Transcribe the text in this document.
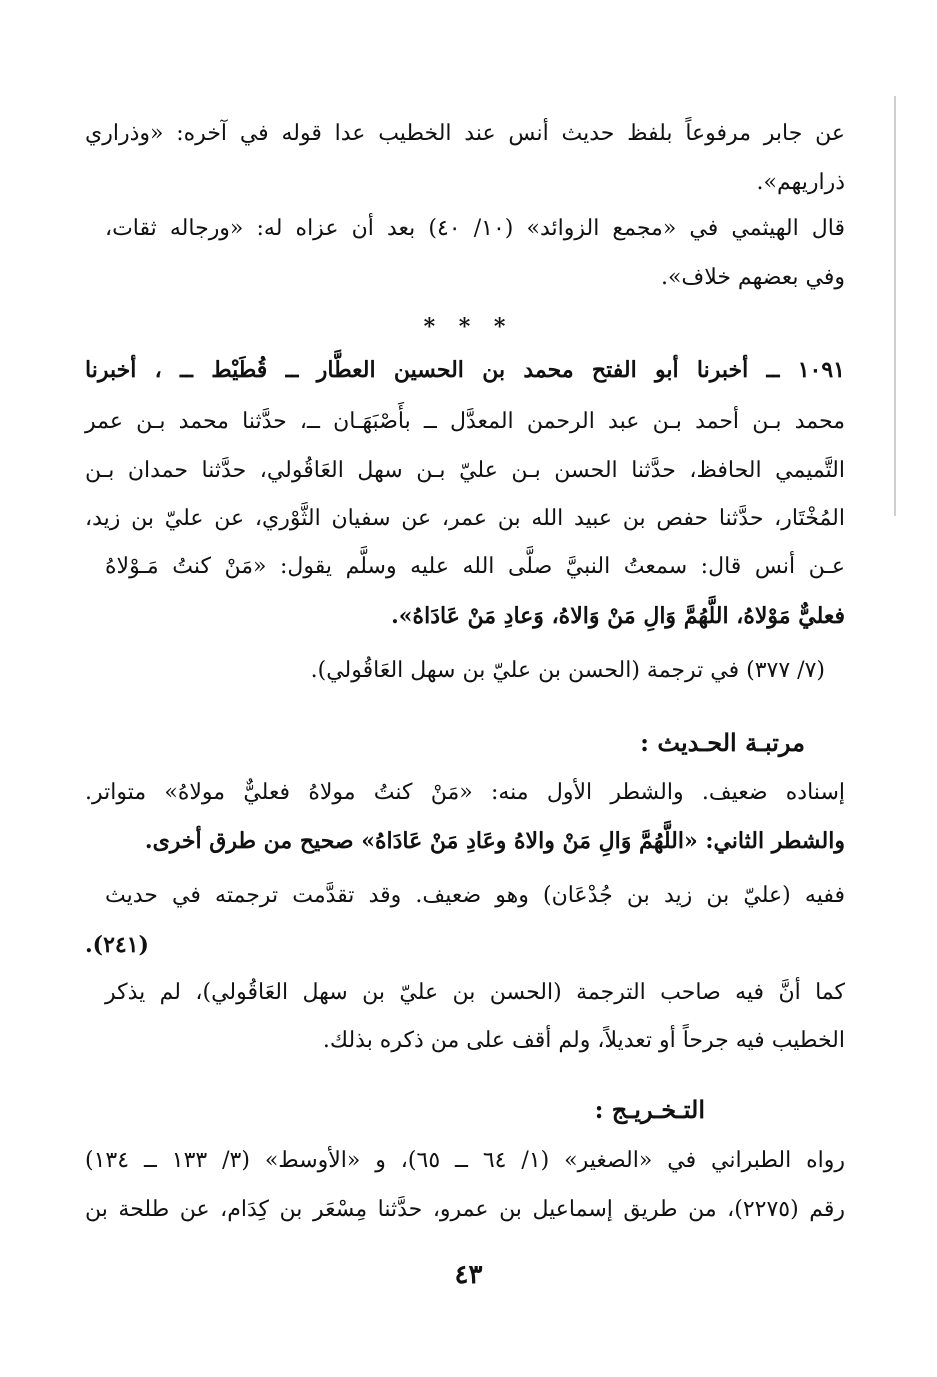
عن جابر مرفوعاً بلفظ حديث أنس عند الخطيب عدا قوله في آخره: «وذراري
ذراريهم».
قال الهيثمي في «مجمع الزوائد» (١٠/ ٤٠) بعد أن عزاه له: «ورجاله ثقات،
وفي بعضهم خلاف».
* * *
١٠٩١ ــ أخبرنا أبو الفتح محمد بن الحسين العطَّار ــ قُطَيْط ــ ، أخبرنا
محمد بـن أحمد بـن عبد الرحمن المعدَّل ــ بأَصْبَهَـان ــ، حدَّثنا محمد بـن عمر
التَّميمي الحافظ، حدَّثنا الحسن بـن عليّ بـن سهل العَاقُولي، حدَّثنا حمدان بـن
المُخْتَار، حدَّثنا حفص بن عبيد الله بن عمر، عن سفيان الثَّوْري، عن عليّ بن زيد،
عـن أنس قال: سمعتُ النبيَّ صلَّى الله عليه وسلَّم يقول: «مَنْ كنتُ مَـوْلاهُ
فعليٌّ مَوْلاهُ، اللَّهُمَّ وَالِ مَنْ وَالاهُ، وَعادِ مَنْ عَادَاهُ».
(٧/ ٣٧٧) في ترجمة (الحسن بن عليّ بن سهل العَاقُولي).
مرتبـة الحـديث :
إسناده ضعيف. والشطر الأول منه: «مَنْ كنتُ مولاهُ فعليٌّ مولاهُ» متواتر.
والشطر الثاني: «اللَّهُمَّ وَالِ مَنْ والاهُ وعَادِ مَنْ عَادَاهُ» صحيح من طرق أخرى.
ففيه (عليّ بن زيد بن جُدْعَان) وهو ضعيف. وقد تقدَّمت ترجمته في حديث
(٢٤١).
كما أنَّ فيه صاحب الترجمة (الحسن بن عليّ بن سهل العَاقُولي)، لم يذكر
الخطيب فيه جرحاً أو تعديلاً، ولم أقف على من ذكره بذلك.
التـخـريـج :
رواه الطبراني في «الصغير» (١/ ٦٤ ــ ٦٥)، و «الأوسط» (٣/ ١٣٣ ــ ١٣٤)
رقم (٢٢٧٥)، من طريق إسماعيل بن عمرو، حدَّثنا مِسْعَر بن كِدَام، عن طلحة بن
٤٣
